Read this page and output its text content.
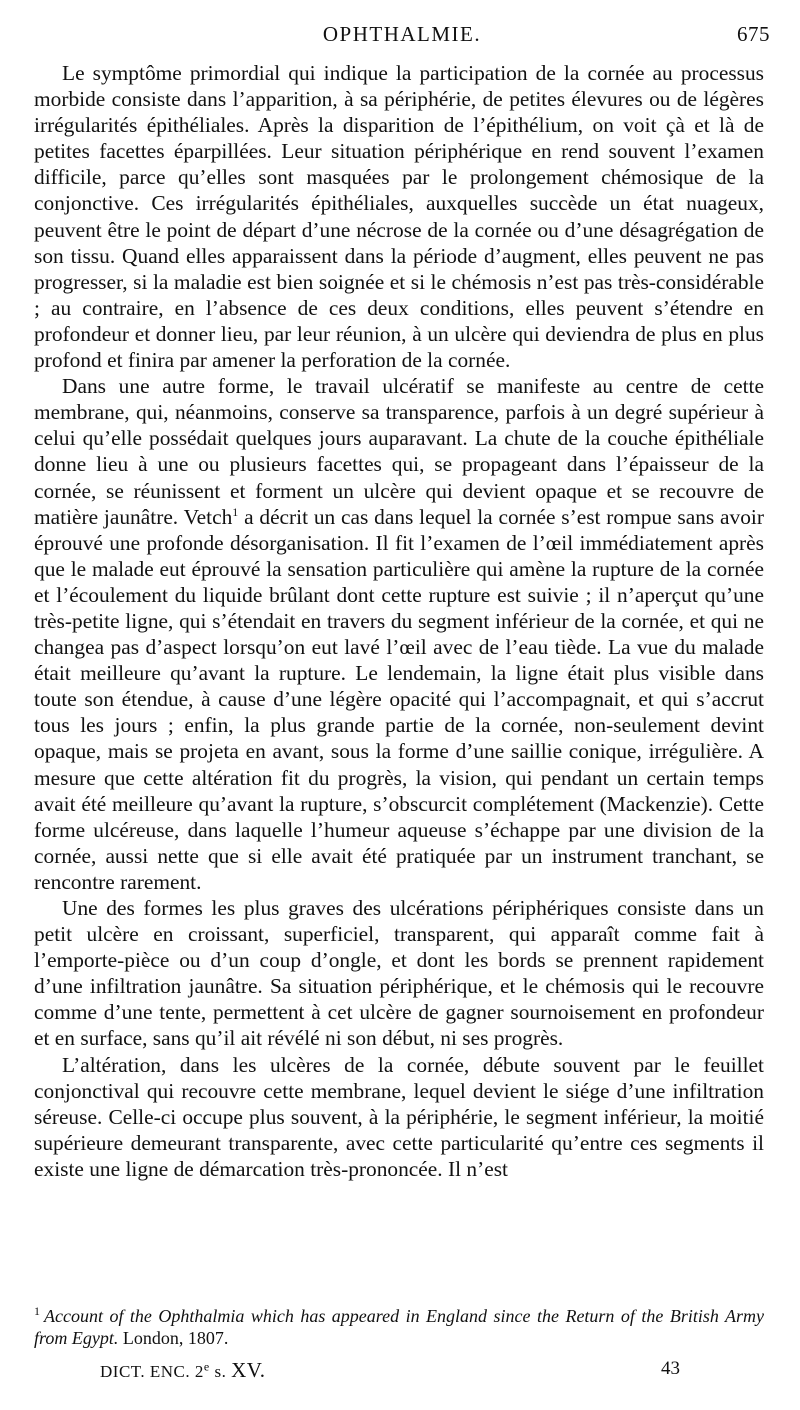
OPHTHALMIE.	675

Le symptôme primordial qui indique la participation de la cornée au processus morbide consiste dans l’apparition, à sa périphérie, de petites élevures ou de légères irrégularités épithéliales. Après la disparition de l’épithélium, on voit çà et là de petites facettes éparpillées. Leur situation périphérique en rend souvent l’examen difficile, parce qu’elles sont masquées par le prolongement chémosique de la conjonctive. Ces irrégularités épithéliales, auxquelles succède un état nuageux, peuvent être le point de départ d’une nécrose de la cornée ou d’une désagrégation de son tissu. Quand elles apparaissent dans la période d’augment, elles peuvent ne pas progresser, si la maladie est bien soignée et si le chémosis n’est pas très-considérable ; au contraire, en l’absence de ces deux conditions, elles peuvent s’étendre en profondeur et donner lieu, par leur réunion, à un ulcère qui deviendra de plus en plus profond et finira par amener la perforation de la cornée.

Dans une autre forme, le travail ulcératif se manifeste au centre de cette membrane, qui, néanmoins, conserve sa transparence, parfois à un degré supérieur à celui qu’elle possédait quelques jours auparavant. La chute de la couche épithéliale donne lieu à une ou plusieurs facettes qui, se propageant dans l’épaisseur de la cornée, se réunissent et forment un ulcère qui devient opaque et se recouvre de matière jaunâtre. Vetch$^1$ a décrit un cas dans lequel la cornée s’est rompue sans avoir éprouvé une profonde désorganisation. Il fit l’examen de l’œil immédiatement après que le malade eut éprouvé la sensation particulière qui amène la rupture de la cornée et l’écoulement du liquide brûlant dont cette rupture est suivie ; il n’aperçut qu’une très-petite ligne, qui s’étendait en travers du segment inférieur de la cornée, et qui ne changea pas d’aspect lorsqu’on eut lavé l’œil avec de l’eau tiède. La vue du malade était meilleure qu’avant la rupture. Le lendemain, la ligne était plus visible dans toute son étendue, à cause d’une légère opacité qui l’accompagnait, et qui s’accrut tous les jours ; enfin, la plus grande partie de la cornée, non-seulement devint opaque, mais se projeta en avant, sous la forme d’une saillie conique, irrégulière. A mesure que cette altération fit du progrès, la vision, qui pendant un certain temps avait été meilleure qu’avant la rupture, s’obscurcit complétement (Mackenzie). Cette forme ulcéreuse, dans laquelle l’humeur aqueuse s’échappe par une division de la cornée, aussi nette que si elle avait été pratiquée par un instrument tranchant, se rencontre rarement.

Une des formes les plus graves des ulcérations périphériques consiste dans un petit ulcère en croissant, superficiel, transparent, qui apparaît comme fait à l’emporte-pièce ou d’un coup d’ongle, et dont les bords se prennent rapidement d’une infiltration jaunâtre. Sa situation périphérique, et le chémosis qui le recouvre comme d’une tente, permettent à cet ulcère de gagner sournoisement en profondeur et en surface, sans qu’il ait révélé ni son début, ni ses progrès.

L’altération, dans les ulcères de la cornée, débute souvent par le feuillet conjonctival qui recouvre cette membrane, lequel devient le siége d’une infiltration séreuse. Celle-ci occupe plus souvent, à la périphérie, le segment inférieur, la moitié supérieure demeurant transparente, avec cette particularité qu’entre ces segments il existe une ligne de démarcation très-prononcée. Il n’est

$^1$ Account of the Ophthalmia which has appeared in England since the Return of the British Army from Egypt. London, 1807.
DICT. ENC. 2e s. XV.	43
